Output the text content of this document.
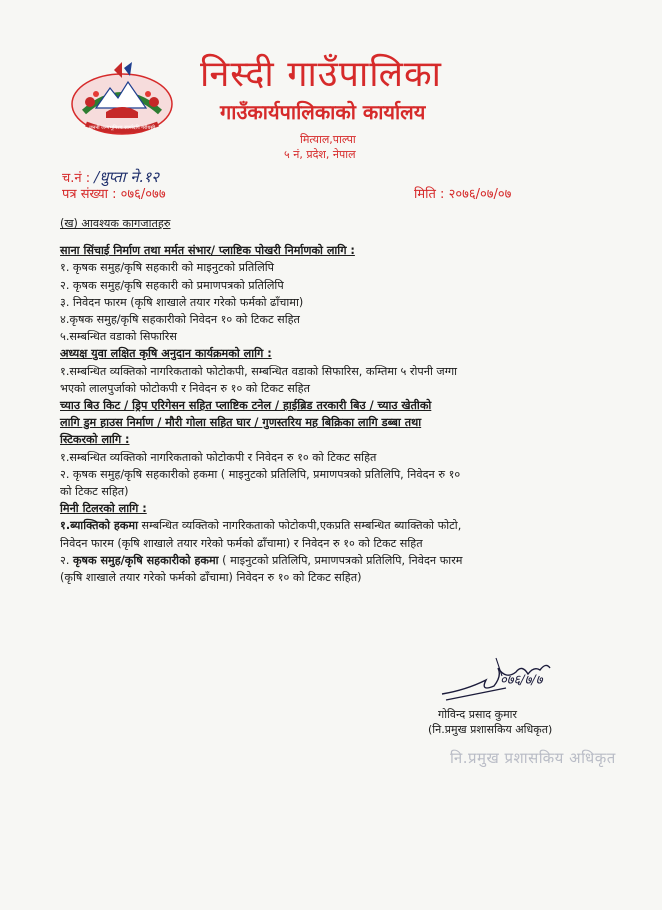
जननी जन्मभूमिश्च स्वर्गादपि गरीयसी
निस्दी गाउँपालिका
गाउँकार्यपालिकाको कार्यालय
मित्याल,पाल्पा
५ नं, प्रदेश, नेपाल
च.नं : /धुप्ता ने.१२
पत्र संख्या : ०७६/०७७	मिति : २०७६/०७/०७

(ख) आवश्यक कागजातहरु

साना सिंचाई निर्माण तथा मर्मत संभार/ प्लाष्टिक पोखरी निर्माणको लागि :

१. कृषक समुह/कृषि सहकारी को माइनुटको प्रतिलिपि

२. कृषक समुह/कृषि सहकारी को प्रमाणपत्रको प्रतिलिपि

३. निवेदन फारम (कृषि शाखाले तयार गरेको फर्मको ढाँचामा)

४.कृषक समुह/कृषि सहकारीको निवेदन १० को टिकट सहित

५.सम्बन्धित वडाको सिफारिस

अध्यक्ष युवा लक्षित कृषि अनुदान कार्यक्रमको लागि :

१.सम्बन्धित व्यक्तिको नागरिकताको फोटोकपी, सम्बन्धित वडाको सिफारिस, कम्तिमा ५ रोपनी जग्गा

भएको लालपुर्जाको फोटोकपी र निवेदन रु १० को टिकट सहित

च्याउ बिउ किट / ड्रिप एरिगेसन सहित प्लाष्टिक टनेल / हाईब्रिड तरकारी बिउ / च्याउ खेतीको

लागि डुम हाउस निर्माण / मौरी गोला सहित घार / गुणस्तरिय मह बिक्रिका लागि डब्बा तथा

स्टिकरको लागि :

१.सम्बन्धित व्यक्तिको नागरिकताको फोटोकपी र निवेदन रु १० को टिकट सहित

२. कृषक समुह/कृषि सहकारीको हकमा ( माइनुटको प्रतिलिपि, प्रमाणपत्रको प्रतिलिपि, निवेदन रु १०

को टिकट सहित)

मिनी टिलरको लागि :

१.ब्याक्तिको हकमा सम्बन्धित व्यक्तिको नागरिकताको फोटोकपी,एकप्रति सम्बन्धित ब्याक्तिको फोटो,

निवेदन फारम (कृषि शाखाले तयार गरेको फर्मको ढाँचामा) र निवेदन रु १० को टिकट सहित

२. कृषक समुह/कृषि सहकारीको हकमा ( माइनुटको प्रतिलिपि, प्रमाणपत्रको प्रतिलिपि, निवेदन फारम

(कृषि शाखाले तयार गरेको फर्मको ढाँचामा) निवेदन रु १० को टिकट सहित)

०७६/७/७
गोविन्द प्रसाद कुमार
(नि.प्रमुख प्रशासकिय अधिकृत)
नि.प्रमुख प्रशासकिय अधिकृत
